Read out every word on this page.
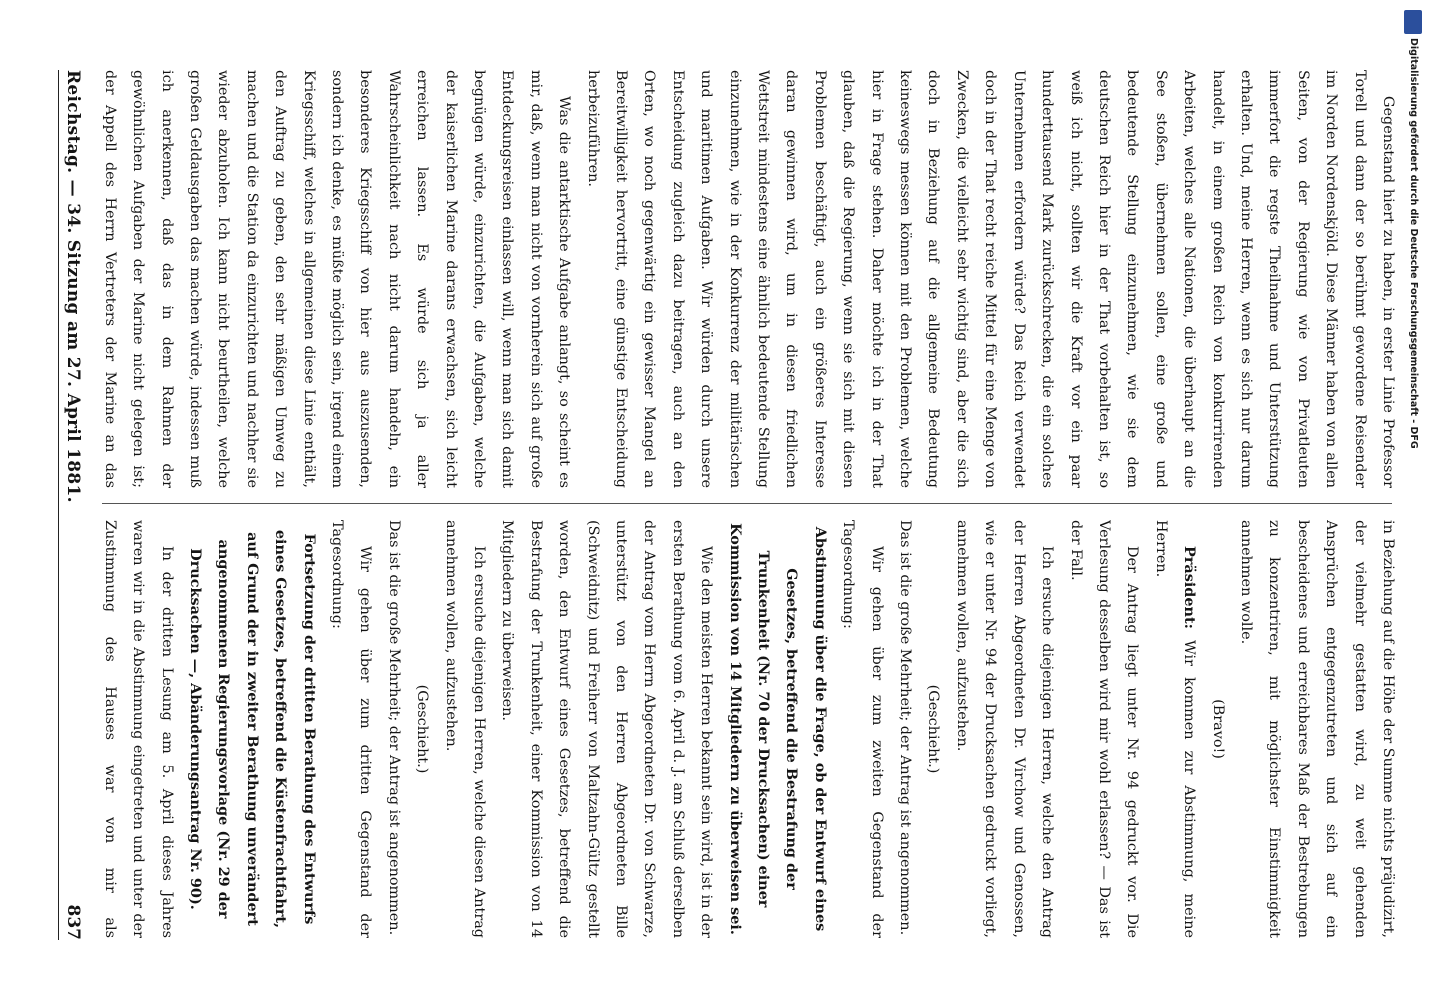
Reichstag. — 34. Sitzung am 27. April 1881.
837

Gegenstand hiert zu haben, in erster Linie Professor Torell und dann der so berühmt gewordene Reisender im Norden Nordenskjöld. Diese Männer haben von allen Seiten, von der Regierung wie von Privatleuten immerfort die regste Theilnahme und Unterstützung erhalten. Und, meine Herren, wenn es sich nur darum handelt, in einem großen Reich von konkurrirenden Arbeiten, welches alle Nationen, die überhaupt an die See stoßen, übernehmen sollen, eine große und bedeutende Stellung einzunehmen, wie sie dem deutschen Reich hier in der That vorbehalten ist, so weiß ich nicht, sollten wir die Kraft vor ein paar hunderttausend Mark zurückschrecken, die ein solches Unternehmen erfordern würde? Das Reich verwendet doch in der That recht reiche Mittel für eine Menge von Zwecken, die vielleicht sehr wichtig sind, aber die sich doch in Beziehung auf die allgemeine Bedeutung keineswegs messen können mit den Problemen, welche hier in Frage stehen. Daher möchte ich in der That glauben, daß die Regierung, wenn sie sich mit diesen Problemen beschäftigt, auch ein größeres Interesse daran gewinnen wird, um in diesen friedlichen Wettstreit mindestens eine ähnlich bedeutende Stellung einzunehmen, wie in der Konkurrenz der militärischen und maritimen Aufgaben. Wir würden durch unsere Entscheidung zugleich dazu beitragen, auch an den Orten, wo noch gegenwärtig ein gewisser Mangel an Bereitwilligkeit hervortritt, eine günstige Entscheidung herbeizuführen.

Was die antarktische Aufgabe anlangt, so scheint es mir, daß, wenn man nicht von vornherein sich auf große Entdeckungsreisen einlassen will, wenn man sich damit begnügen würde, einzurichten, die Aufgaben, welche der kaiserlichen Marine darans erwachsen, sich leicht erreichen lassen. Es würde sich ja aller Wahrscheinlichkeit nach nicht darum handeln, ein besonderes Kriegsschiff von hier aus auszusenden, sondern ich denke, es müßte möglich sein, irgend einem Kriegsschiff, welches in allgemeinen diese Linie enthält, den Auftrag zu geben, den sehr mäßigen Umweg zu machen und die Station da einzurichten und nachher sie wieder abzuholen. Ich kann nicht beurtheilen, welche großen Geldausgaben das machen würde, indessen muß ich anerkennen, daß das in dem Rahmen der gewöhnlichen Aufgaben der Marine nicht gelegen ist; der Appell des Herrn Vertreters der Marine an das

in Beziehung auf die Höhe der Summe nichts präjudizirt, der vielmehr gestatten wird, zu weit gehenden Ansprüchen entgegenzutreten und sich auf ein bescheidenes und erreichbares Maß der Bestrebungen zu konzentriren, mit möglichster Einstimmigkeit annehmen wolle.

(Bravo!)

Präsident: Wir kommen zur Abstimmung, meine Herren.

Der Antrag liegt unter Nr. 94 gedruckt vor. Die Verlesung desselben wird mir wohl erlassen? — Das ist der Fall.

Ich ersuche diejenigen Herren, welche den Antrag der Herren Abgeordneten Dr. Virchow und Genossen, wie er unter Nr. 94 der Drucksachen gedruckt vorliegt, annehmen wollen, aufzustehen.

(Geschieht.)

Das ist die große Mehrheit; der Antrag ist angenommen.

Wir gehen über zum zweiten Gegenstand der Tagesordnung:

Abstimmung über die Frage, ob der Entwurf eines Gesetzes, betreffend die Bestrafung der Trunkenheit (Nr. 70 der Drucksachen) einer Kommission von 14 Mitgliedern zu überweisen sei.

Wie den meisten Herren bekannt sein wird, ist in der ersten Berathung vom 6. April d. J. am Schluß derselben der Antrag vom Herrn Abgeordneten Dr. von Schwarze, unterstützt von den Herren Abgeordneten Bille (Schweidnitz) und Freiherr von Maltzahn-Gültz gestellt worden, den Entwurf eines Gesetzes, betreffend die Bestrafung der Trunkenheit, einer Kommission von 14 Mitgliedern zu überweisen.

Ich ersuche diejenigen Herren, welche diesen Antrag annehmen wollen, aufzustehen.

(Geschieht.)

Das ist die große Mehrheit; der Antrag ist angenommen.

Wir gehen über zum dritten Gegenstand der Tagesordnung:

Fortsetzung der dritten Berathung des Entwurfs eines Gesetzes, betreffend die Küstenfrachtfahrt, auf Grund der in zweiter Berathung unverändert angenommenen Regierungsvorlage (Nr. 29 der Drucksachen —, Abänderungsantrag Nr. 90).

In der dritten Lesung am 5. April dieses Jahres waren wir in die Abstimmung eingetreten und unter der Zustimmung des Hauses war von mir als

Digitalisierung gefördert durch die Deutsche Forschungsgemeinschaft - DFG
